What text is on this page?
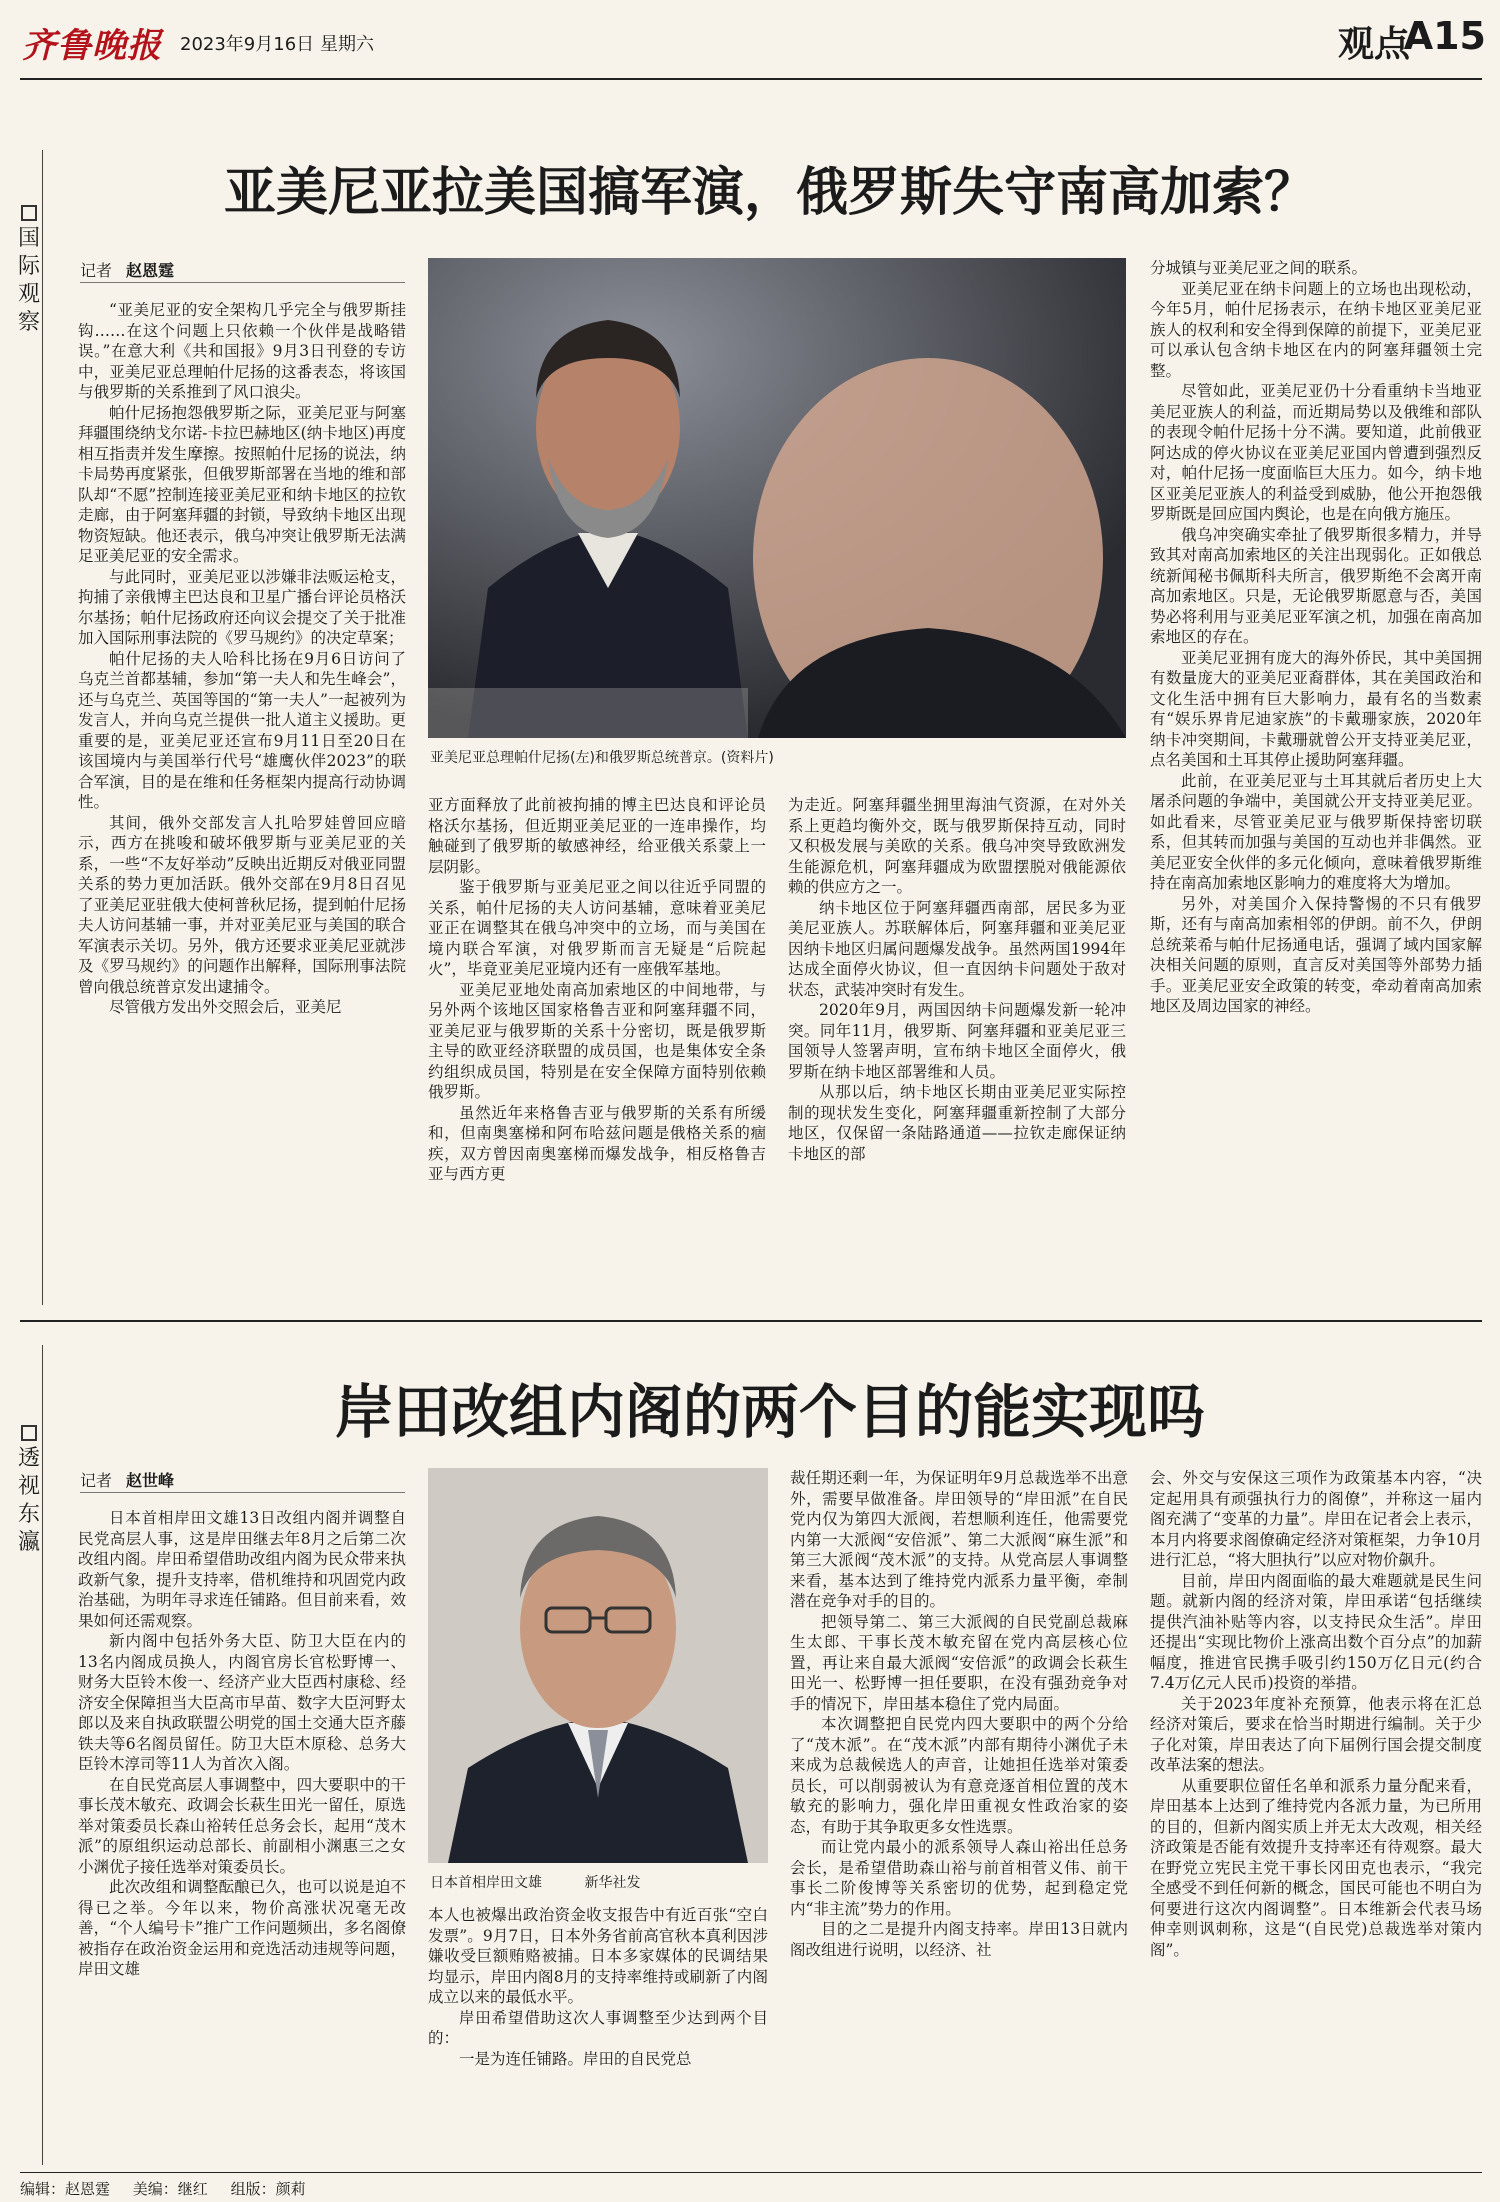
齐鲁晚报 2023年9月16日 星期六	观点
A15
国际观察
亚美尼亚拉美国搞军演，俄罗斯失守南高加索？
记者 赵恩霆
亚美尼亚总理帕什尼扬(左)和俄罗斯总统普京。(资料片)

“亚美尼亚的安全架构几乎完全与俄罗斯挂钩……在这个问题上只依赖一个伙伴是战略错误。”在意大利《共和国报》9月3日刊登的专访中，亚美尼亚总理帕什尼扬的这番表态，将该国与俄罗斯的关系推到了风口浪尖。

帕什尼扬抱怨俄罗斯之际，亚美尼亚与阿塞拜疆围绕纳戈尔诺-卡拉巴赫地区(纳卡地区)再度相互指责并发生摩擦。按照帕什尼扬的说法，纳卡局势再度紧张，但俄罗斯部署在当地的维和部队却“不愿”控制连接亚美尼亚和纳卡地区的拉钦走廊，由于阿塞拜疆的封锁，导致纳卡地区出现物资短缺。他还表示，俄乌冲突让俄罗斯无法满足亚美尼亚的安全需求。

与此同时，亚美尼亚以涉嫌非法贩运枪支，拘捕了亲俄博主巴达良和卫星广播台评论员格沃尔基扬；帕什尼扬政府还向议会提交了关于批准加入国际刑事法院的《罗马规约》的决定草案；

帕什尼扬的夫人哈科比扬在9月6日访问了乌克兰首都基辅，参加“第一夫人和先生峰会”，还与乌克兰、英国等国的“第一夫人”一起被列为发言人，并向乌克兰提供一批人道主义援助。更重要的是，亚美尼亚还宣布9月11日至20日在该国境内与美国举行代号“雄鹰伙伴2023”的联合军演，目的是在维和任务框架内提高行动协调性。

其间，俄外交部发言人扎哈罗娃曾回应暗示，西方在挑唆和破坏俄罗斯与亚美尼亚的关系，一些“不友好举动”反映出近期反对俄亚同盟关系的势力更加活跃。俄外交部在9月8日召见了亚美尼亚驻俄大使柯普秋尼扬，提到帕什尼扬夫人访问基辅一事，并对亚美尼亚与美国的联合军演表示关切。另外，俄方还要求亚美尼亚就涉及《罗马规约》的问题作出解释，国际刑事法院曾向俄总统普京发出逮捕令。

尽管俄方发出外交照会后，亚美尼

亚方面释放了此前被拘捕的博主巴达良和评论员格沃尔基扬，但近期亚美尼亚的一连串操作，均触碰到了俄罗斯的敏感神经，给亚俄关系蒙上一层阴影。

鉴于俄罗斯与亚美尼亚之间以往近乎同盟的关系，帕什尼扬的夫人访问基辅，意味着亚美尼亚正在调整其在俄乌冲突中的立场，而与美国在境内联合军演，对俄罗斯而言无疑是“后院起火”，毕竟亚美尼亚境内还有一座俄军基地。

亚美尼亚地处南高加索地区的中间地带，与另外两个该地区国家格鲁吉亚和阿塞拜疆不同，亚美尼亚与俄罗斯的关系十分密切，既是俄罗斯主导的欧亚经济联盟的成员国，也是集体安全条约组织成员国，特别是在安全保障方面特别依赖俄罗斯。

虽然近年来格鲁吉亚与俄罗斯的关系有所缓和，但南奥塞梯和阿布哈兹问题是俄格关系的痼疾，双方曾因南奥塞梯而爆发战争，相反格鲁吉亚与西方更

为走近。阿塞拜疆坐拥里海油气资源，在对外关系上更趋均衡外交，既与俄罗斯保持互动，同时又积极发展与美欧的关系。俄乌冲突导致欧洲发生能源危机，阿塞拜疆成为欧盟摆脱对俄能源依赖的供应方之一。

纳卡地区位于阿塞拜疆西南部，居民多为亚美尼亚族人。苏联解体后，阿塞拜疆和亚美尼亚因纳卡地区归属问题爆发战争。虽然两国1994年达成全面停火协议，但一直因纳卡问题处于敌对状态，武装冲突时有发生。

2020年9月，两国因纳卡问题爆发新一轮冲突。同年11月，俄罗斯、阿塞拜疆和亚美尼亚三国领导人签署声明，宣布纳卡地区全面停火，俄罗斯在纳卡地区部署维和人员。

从那以后，纳卡地区长期由亚美尼亚实际控制的现状发生变化，阿塞拜疆重新控制了大部分地区，仅保留一条陆路通道——拉钦走廊保证纳卡地区的部

分城镇与亚美尼亚之间的联系。

亚美尼亚在纳卡问题上的立场也出现松动，今年5月，帕什尼扬表示，在纳卡地区亚美尼亚族人的权利和安全得到保障的前提下，亚美尼亚可以承认包含纳卡地区在内的阿塞拜疆领土完整。

尽管如此，亚美尼亚仍十分看重纳卡当地亚美尼亚族人的利益，而近期局势以及俄维和部队的表现令帕什尼扬十分不满。要知道，此前俄亚阿达成的停火协议在亚美尼亚国内曾遭到强烈反对，帕什尼扬一度面临巨大压力。如今，纳卡地区亚美尼亚族人的利益受到威胁，他公开抱怨俄罗斯既是回应国内舆论，也是在向俄方施压。

俄乌冲突确实牵扯了俄罗斯很多精力，并导致其对南高加索地区的关注出现弱化。正如俄总统新闻秘书佩斯科夫所言，俄罗斯绝不会离开南高加索地区。只是，无论俄罗斯愿意与否，美国势必将利用与亚美尼亚军演之机，加强在南高加索地区的存在。

亚美尼亚拥有庞大的海外侨民，其中美国拥有数量庞大的亚美尼亚裔群体，其在美国政治和文化生活中拥有巨大影响力，最有名的当数素有“娱乐界肯尼迪家族”的卡戴珊家族，2020年纳卡冲突期间，卡戴珊就曾公开支持亚美尼亚，点名美国和土耳其停止援助阿塞拜疆。

此前，在亚美尼亚与土耳其就后者历史上大屠杀问题的争端中，美国就公开支持亚美尼亚。如此看来，尽管亚美尼亚与俄罗斯保持密切联系，但其转而加强与美国的互动也并非偶然。亚美尼亚安全伙伴的多元化倾向，意味着俄罗斯维持在南高加索地区影响力的难度将大为增加。

另外，对美国介入保持警惕的不只有俄罗斯，还有与南高加索相邻的伊朗。前不久，伊朗总统莱希与帕什尼扬通电话，强调了域内国家解决相关问题的原则，直言反对美国等外部势力插手。亚美尼亚安全政策的转变，牵动着南高加索地区及周边国家的神经。

透视东瀛
岸田改组内阁的两个目的能实现吗
记者 赵世峰

日本首相岸田文雄13日改组内阁并调整自民党高层人事，这是岸田继去年8月之后第二次改组内阁。岸田希望借助改组内阁为民众带来执政新气象，提升支持率，借机维持和巩固党内政治基础，为明年寻求连任铺路。但目前来看，效果如何还需观察。

新内阁中包括外务大臣、防卫大臣在内的13名内阁成员换人，内阁官房长官松野博一、财务大臣铃木俊一、经济产业大臣西村康稔、经济安全保障担当大臣高市早苗、数字大臣河野太郎以及来自执政联盟公明党的国土交通大臣齐藤铁夫等6名阁员留任。防卫大臣木原稔、总务大臣铃木淳司等11人为首次入阁。

在自民党高层人事调整中，四大要职中的干事长茂木敏充、政调会长萩生田光一留任，原选举对策委员长森山裕转任总务会长，起用“茂木派”的原组织运动总部长、前副相小渊惠三之女小渊优子接任选举对策委员长。

此次改组和调整酝酿已久，也可以说是迫不得已之举。今年以来，物价高涨状况毫无改善，“个人编号卡”推广工作问题频出，多名阁僚被指存在政治资金运用和竞选活动违规等问题，岸田文雄

日本首相岸田文雄	新华社发

本人也被爆出政治资金收支报告中有近百张“空白发票”。9月7日，日本外务省前高官秋本真利因涉嫌收受巨额贿赂被捕。日本多家媒体的民调结果均显示，岸田内阁8月的支持率维持或刷新了内阁成立以来的最低水平。

岸田希望借助这次人事调整至少达到两个目的：

一是为连任铺路。岸田的自民党总

裁任期还剩一年，为保证明年9月总裁选举不出意外，需要早做准备。岸田领导的“岸田派”在自民党内仅为第四大派阀，若想顺利连任，他需要党内第一大派阀“安倍派”、第二大派阀“麻生派”和第三大派阀“茂木派”的支持。从党高层人事调整来看，基本达到了维持党内派系力量平衡，牵制潜在竞争对手的目的。

把领导第二、第三大派阀的自民党副总裁麻生太郎、干事长茂木敏充留在党内高层核心位置，再让来自最大派阀“安倍派”的政调会长萩生田光一、松野博一担任要职，在没有强劲竞争对手的情况下，岸田基本稳住了党内局面。

本次调整把自民党内四大要职中的两个分给了“茂木派”。在“茂木派”内部有期待小渊优子未来成为总裁候选人的声音，让她担任选举对策委员长，可以削弱被认为有意竞逐首相位置的茂木敏充的影响力，强化岸田重视女性政治家的姿态，有助于其争取更多女性选票。

而让党内最小的派系领导人森山裕出任总务会长，是希望借助森山裕与前首相菅义伟、前干事长二阶俊博等关系密切的优势，起到稳定党内“非主流”势力的作用。

目的之二是提升内阁支持率。岸田13日就内阁改组进行说明，以经济、社

会、外交与安保这三项作为政策基本内容，“决定起用具有顽强执行力的阁僚”，并称这一届内阁充满了“变革的力量”。岸田在记者会上表示，本月内将要求阁僚确定经济对策框架，力争10月进行汇总，“将大胆执行”以应对物价飙升。

目前，岸田内阁面临的最大难题就是民生问题。就新内阁的经济对策，岸田承诺“包括继续提供汽油补贴等内容，以支持民众生活”。岸田还提出“实现比物价上涨高出数个百分点”的加薪幅度，推进官民携手吸引约150万亿日元(约合7.4万亿元人民币)投资的举措。

关于2023年度补充预算，他表示将在汇总经济对策后，要求在恰当时期进行编制。关于少子化对策，岸田表达了向下届例行国会提交制度改革法案的想法。

从重要职位留任名单和派系力量分配来看，岸田基本上达到了维持党内各派力量，为已所用的目的，但新内阁实质上并无太大改观，相关经济政策是否能有效提升支持率还有待观察。最大在野党立宪民主党干事长冈田克也表示，“我完全感受不到任何新的概念，国民可能也不明白为何要进行这次内阁调整”。日本维新会代表马场伸幸则讽刺称，这是“(自民党)总裁选举对策内阁”。

编辑：赵恩霆 美编：继红 组版：颜莉
